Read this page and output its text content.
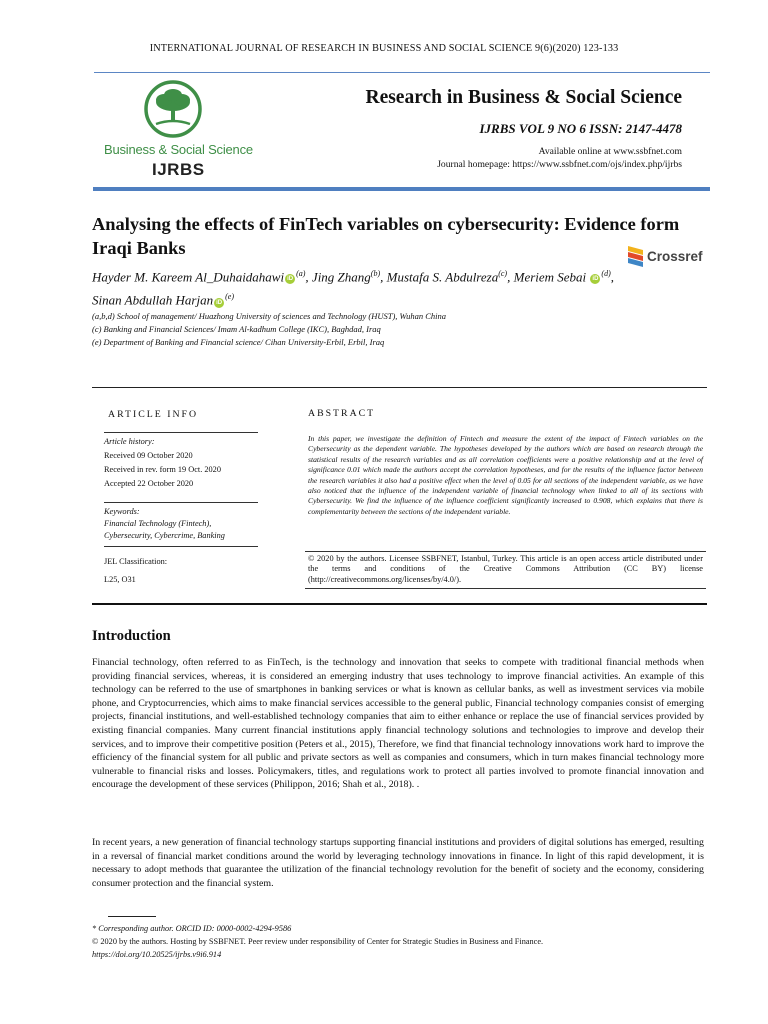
INTERNATIONAL JOURNAL OF RESEARCH IN BUSINESS AND SOCIAL SCIENCE 9(6)(2020) 123-133
Business & Social Science
IJRBS
Research in Business & Social Science
IJRBS VOL 9 NO 6 ISSN: 2147-4478
Available online at www.ssbfnet.com
Journal homepage: https://www.ssbfnet.com/ojs/index.php/ijrbs
Analysing the effects of FinTech variables on cybersecurity: Evidence form Iraqi Banks	Crossref
Hayder M. Kareem Al_Duhaidahawi $iD^{(a)}$, Jing Zhang$^{(b)}$, Mustafa S. Abdulreza$^{(c)}$, Meriem Sebai $iD^{(d)}$, Sinan Abdullah Harjan $iD^{(e)}$
(a,b,d) School of management/ Huazhong University of sciences and Technology (HUST), Wuhan China
(c) Banking and Financial Sciences/ Imam Al-kadhum College (IKC), Baghdad, Iraq
(e) Department of Banking and Financial science/ Cihan University-Erbil, Erbil, Iraq
ARTICLE INFO	ABSTRACT
Article history:
Received 09 October 2020
Received in rev. form 19 Oct. 2020
Accepted 22 October 2020
Keywords:
Financial Technology (Fintech),
Cybersecurity, Cybercrime, Banking
JEL Classification:
L25, O31
In this paper, we investigate the definition of Fintech and measure the extent of the impact of Fintech variables on the Cybersecurity as the dependent variable. The hypotheses developed by the authors which are based on research through the statistical results of the research variables and as all correlation coefficients were a positive relationship and at the level of significance 0.01 which made the authors accept the correlation hypotheses, and for the results of the influence factor between the research variables it also had a positive effect when the level of 0.05 for all sections of the independent variable, as we have also noticed that the influence of the independent variable of financial technology when linked to all of its sections with Cybersecurity. We find the influence of the influence coefficient significantly increased to 0.908, which explains that there is complementarity between the sections of the independent variable.
© 2020 by the authors. Licensee SSBFNET, Istanbul, Turkey. This article is an open access article distributed under the terms and conditions of the Creative Commons Attribution (CC BY) license (http://creativecommons.org/licenses/by/4.0/).
Introduction
Financial technology, often referred to as FinTech, is the technology and innovation that seeks to compete with traditional financial methods when providing financial services, whereas, it is considered an emerging industry that uses technology to improve financial activities. An example of this technology can be referred to the use of smartphones in banking services or what is known as cellular banks, as well as investment services via mobile phone, and Cryptocurrencies, which aims to make financial services accessible to the general public, Financial technology companies consist of emerging projects, financial institutions, and well-established technology companies that aim to either enhance or replace the use of financial services provided by existing financial companies. Many current financial institutions apply financial technology solutions and technologies to improve and develop their services, and to improve their competitive position (Peters et al., 2015), Therefore, we find that financial technology innovations work hard to improve the efficiency of the financial system for all public and private sectors as well as companies and consumers, which in turn makes financial technology more vulnerable to financial risks and losses. Policymakers, titles, and regulations work to protect all parties involved to promote financial innovation and encourage the development of these services (Philippon, 2016; Shah et al., 2018). .
In recent years, a new generation of financial technology startups supporting financial institutions and providers of digital solutions has emerged, resulting in a reversal of financial market conditions around the world by leveraging technology innovations in finance. In light of this rapid development, it is necessary to adopt methods that guarantee the utilization of the financial technology revolution for the benefit of society and the economy, considering consumer protection and the financial system.
* Corresponding author. ORCID ID: 0000-0002-4294-9586
© 2020 by the authors. Hosting by SSBFNET. Peer review under responsibility of Center for Strategic Studies in Business and Finance.
https://doi.org/10.20525/ijrbs.v9i6.914
